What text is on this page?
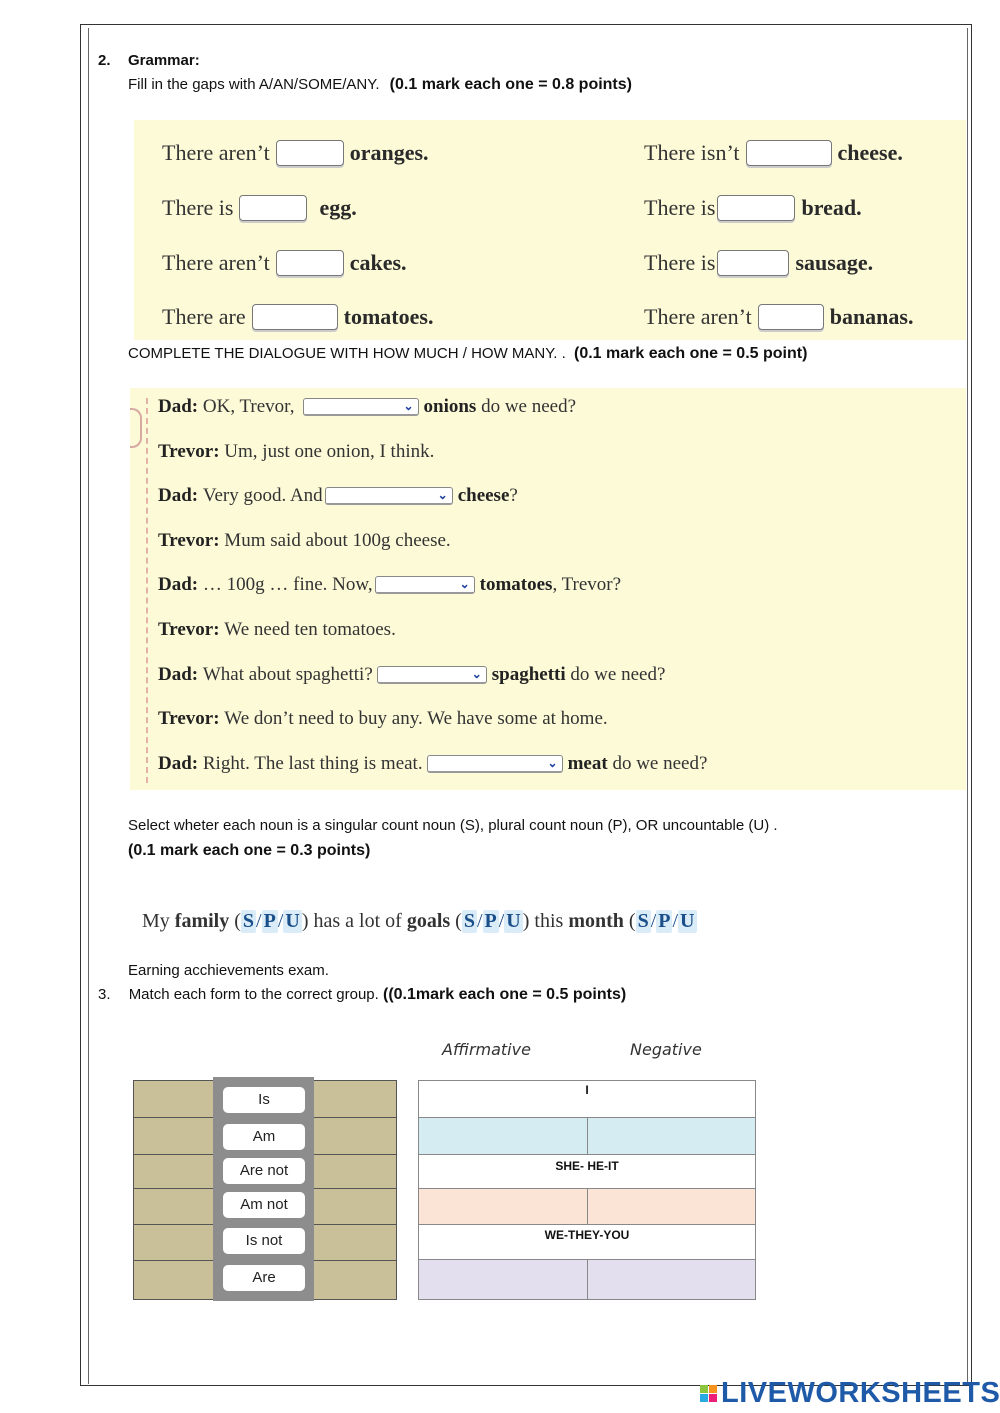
2. Grammar:
Fill in the gaps with A/AN/SOME/ANY. (0.1 mark each one = 0.8 points)
There aren’t	oranges.
There is	egg.
There aren’t	cakes.
There are	tomatoes.
There isn’t	cheese.
There is	bread.
There is	sausage.
There aren’t	bananas.
COMPLETE THE DIALOGUE WITH HOW MUCH / HOW MANY. . (0.1 mark each one = 0.5 point)
Dad:
OK, Trevor,	⌄ onions
do we need?
Trevor:
Um, just one onion, I think.
Dad:
Very good. And	⌄ cheese ?
Trevor:
Mum said about 100g cheese.
Dad:
… 100g … fine. Now,	⌄ tomatoes , Trevor?
Trevor:
We need ten tomatoes.
Dad:
What about spaghetti?	⌄ spaghetti
do we need?
Trevor:
We don’t need to buy any. We have some at home.
Dad:
Right. The last thing is meat.	⌄ meat
do we need?
Select wheter each noun is a singular count noun (S), plural count noun (P), OR uncountable (U) .
(0.1 mark each one = 0.3 points)
My family ( S / P / U ) has a lot of goals ( S / P / U ) this month ( S / P / U
Earning acchievements exam.
3. Match each form to the correct group. ((0.1mark each one = 0.5 points)
Affirmative	Negative
Is
Am
Are not
Am not
Is not
Are
I
SHE- HE-IT
WE-THEY-YOU
LIVEWORKSHEETS
